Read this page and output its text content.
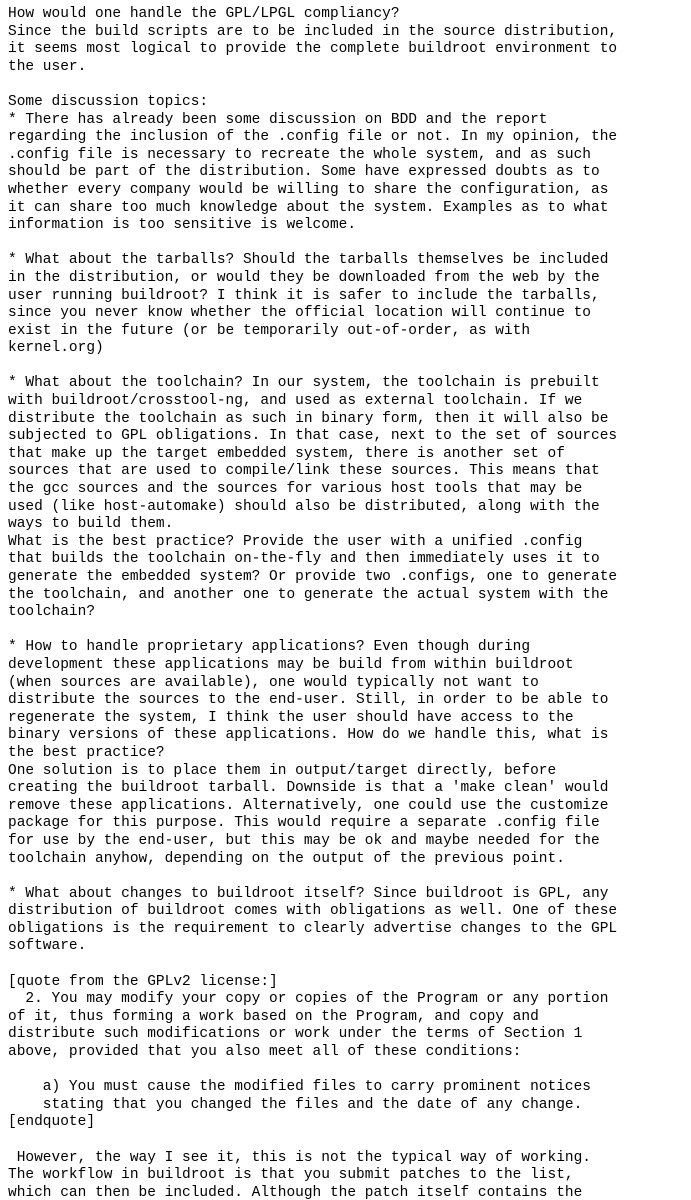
How would one handle the GPL/LPGL compliancy?
Since the build scripts are to be included in the source distribution,
it seems most logical to provide the complete buildroot environment to
the user.

Some discussion topics:
* There has already been some discussion on BDD and the report
regarding the inclusion of the .config file or not. In my opinion, the
.config file is necessary to recreate the whole system, and as such
should be part of the distribution. Some have expressed doubts as to
whether every company would be willing to share the configuration, as
it can share too much knowledge about the system. Examples as to what
information is too sensitive is welcome.

* What about the tarballs? Should the tarballs themselves be included
in the distribution, or would they be downloaded from the web by the
user running buildroot? I think it is safer to include the tarballs,
since you never know whether the official location will continue to
exist in the future (or be temporarily out-of-order, as with
kernel.org)

* What about the toolchain? In our system, the toolchain is prebuilt
with buildroot/crosstool-ng, and used as external toolchain. If we
distribute the toolchain as such in binary form, then it will also be
subjected to GPL obligations. In that case, next to the set of sources
that make up the target embedded system, there is another set of
sources that are used to compile/link these sources. This means that
the gcc sources and the sources for various host tools that may be
used (like host-automake) should also be distributed, along with the
ways to build them.
What is the best practice? Provide the user with a unified .config
that builds the toolchain on-the-fly and then immediately uses it to
generate the embedded system? Or provide two .configs, one to generate
the toolchain, and another one to generate the actual system with the
toolchain?

* How to handle proprietary applications? Even though during
development these applications may be build from within buildroot
(when sources are available), one would typically not want to
distribute the sources to the end-user. Still, in order to be able to
regenerate the system, I think the user should have access to the
binary versions of these applications. How do we handle this, what is
the best practice?
One solution is to place them in output/target directly, before
creating the buildroot tarball. Downside is that a 'make clean' would
remove these applications. Alternatively, one could use the customize
package for this purpose. This would require a separate .config file
for use by the end-user, but this may be ok and maybe needed for the
toolchain anyhow, depending on the output of the previous point.

* What about changes to buildroot itself? Since buildroot is GPL, any
distribution of buildroot comes with obligations as well. One of these
obligations is the requirement to clearly advertise changes to the GPL
software.

[quote from the GPLv2 license:]
2. You may modify your copy or copies of the Program or any portion
of it, thus forming a work based on the Program, and copy and
distribute such modifications or work under the terms of Section 1
above, provided that you also meet all of these conditions:

a) You must cause the modified files to carry prominent notices
stating that you changed the files and the date of any change.
[endquote]

However, the way I see it, this is not the typical way of working.
The workflow in buildroot is that you submit patches to the list,
which can then be included. Although the patch itself contains the
